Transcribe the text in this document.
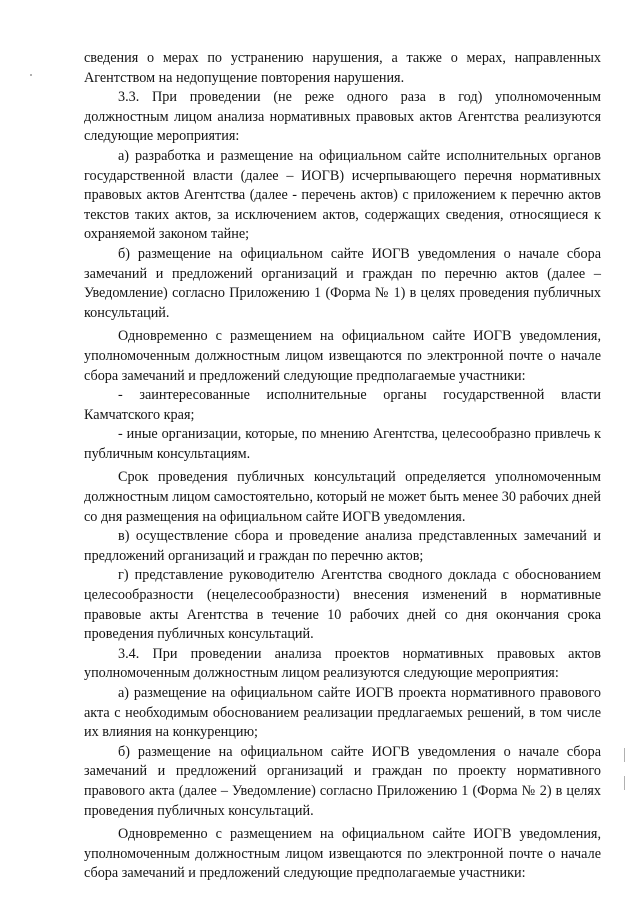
сведения о мерах по устранению нарушения, а также о мерах, направленных Агентством на недопущение повторения нарушения.

3.3. При проведении (не реже одного раза в год) уполномоченным должностным лицом анализа нормативных правовых актов Агентства реализуются следующие мероприятия:

а) разработка и размещение на официальном сайте исполнительных органов государственной власти (далее – ИОГВ) исчерпывающего перечня нормативных правовых актов Агентства (далее - перечень актов) с приложением к перечню актов текстов таких актов, за исключением актов, содержащих сведения, относящиеся к охраняемой законом тайне;

б) размещение на официальном сайте ИОГВ уведомления о начале сбора замечаний и предложений организаций и граждан по перечню актов (далее – Уведомление) согласно Приложению 1 (Форма № 1) в целях проведения публичных консультаций.

Одновременно с размещением на официальном сайте ИОГВ уведомления, уполномоченным должностным лицом извещаются по электронной почте о начале сбора замечаний и предложений следующие предполагаемые участники:

- заинтересованные исполнительные органы государственной власти Камчатского края;

- иные организации, которые, по мнению Агентства, целесообразно привлечь к публичным консультациям.

Срок проведения публичных консультаций определяется уполномоченным должностным лицом самостоятельно, который не может быть менее 30 рабочих дней со дня размещения на официальном сайте ИОГВ уведомления.

в) осуществление сбора и проведение анализа представленных замечаний и предложений организаций и граждан по перечню актов;

г) представление руководителю Агентства сводного доклада с обоснованием целесообразности (нецелесообразности) внесения изменений в нормативные правовые акты Агентства в течение 10 рабочих дней со дня окончания срока проведения публичных консультаций.

3.4. При проведении анализа проектов нормативных правовых актов уполномоченным должностным лицом реализуются следующие мероприятия:

а) размещение на официальном сайте ИОГВ проекта нормативного правового акта с необходимым обоснованием реализации предлагаемых решений, в том числе их влияния на конкуренцию;

б) размещение на официальном сайте ИОГВ уведомления о начале сбора замечаний и предложений организаций и граждан по проекту нормативного правового акта (далее – Уведомление) согласно Приложению 1 (Форма № 2) в целях проведения публичных консультаций.

Одновременно с размещением на официальном сайте ИОГВ уведомления, уполномоченным должностным лицом извещаются по электронной почте о начале сбора замечаний и предложений следующие предполагаемые участники:
